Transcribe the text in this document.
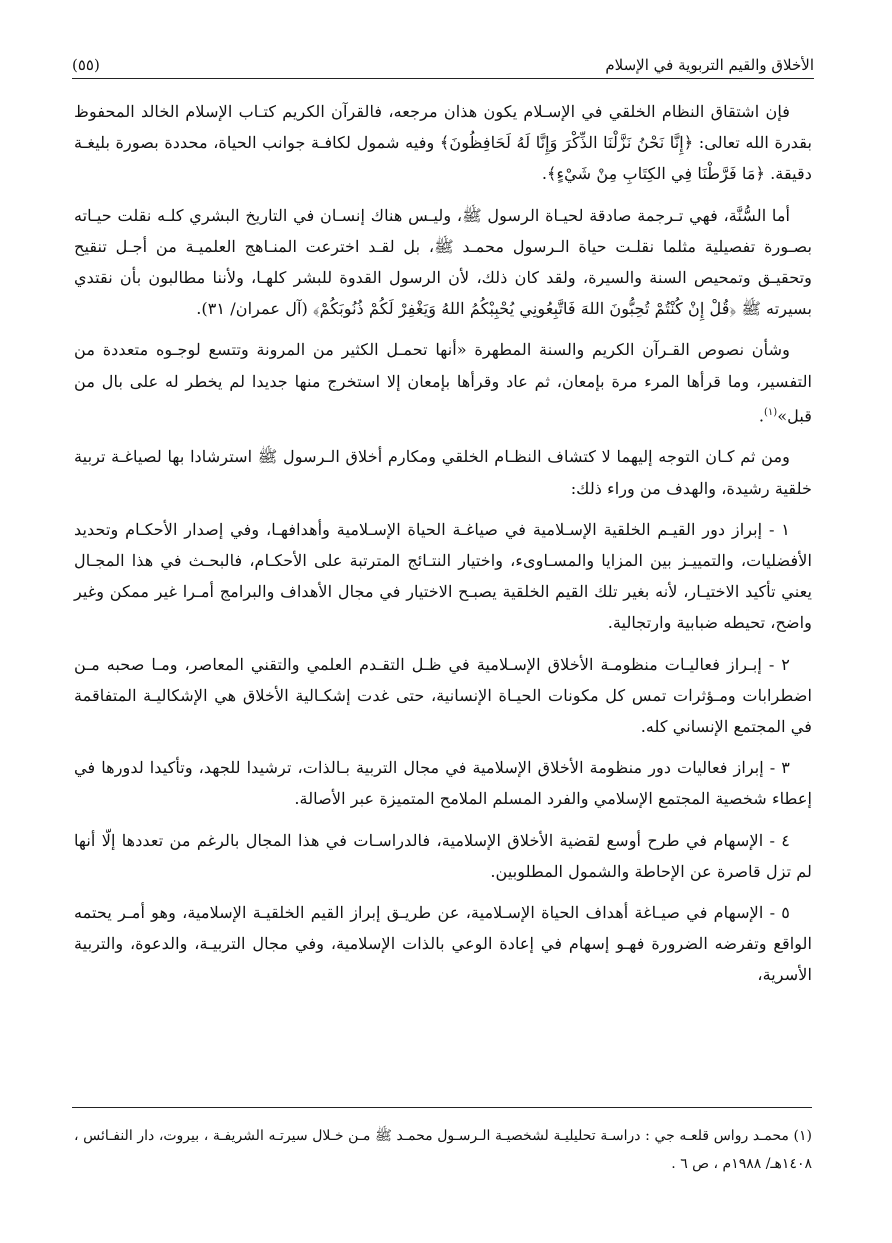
الأخلاق والقيم التربوية في الإسلام
(٥٥)

فإن اشتقاق النظام الخلقي في الإسـلام يكون هذان مرجعه، فالقرآن الكريم كتـاب الإسلام الخالد المحفوظ بقدرة الله تعالى: ﴿إِنَّا نَحْنُ نَزَّلْنَا الذِّكْرَ وَإِنَّا لَهُ لَحَافِظُونَ﴾ وفيه شمول لكافـة جوانب الحياة، محددة بصورة بليغـة دقيقة. ﴿مَا فَرَّطْنَا فِي الكِتَابِ مِنْ شَيْءٍ﴾.

أما السُّنَّة، فهي تـرجمة صادقة لحيـاة الرسول ﷺ، وليـس هناك إنسـان في التاريخ البشري كلـه نقلت حيـاته بصـورة تفصيلية مثلما نقلـت حياة الـرسول محمـد ﷺ، بل لقـد اخترعت المنـاهج العلميـة من أجـل تنقيح وتحقيـق وتمحيص السنة والسيرة، ولقد كان ذلك، لأن الرسول القدوة للبشر كلهـا، ولأننا مطالبون بأن نقتدي بسيرته ﷺ ﴿قُلْ إِنْ كُنْتُمْ تُحِبُّونَ اللهَ فَاتَّبِعُونِي يُحْبِبْكُمُ اللهُ وَيَغْفِرْ لَكُمْ ذُنُوبَكُمْ﴾ (آل عمران/ ٣١).

وشأن نصوص القـرآن الكريم والسنة المطهرة «أنها تحمـل الكثير من المرونة وتتسع لوجـوه متعددة من التفسير، وما قرأها المرء مرة بإمعان، ثم عاد وقرأها بإمعان إلا استخرج منها جديدا لم يخطر له على بال من قبل»$^{(١)}$.

ومن ثم كـان التوجه إليهما لا كتشاف النظـام الخلقي ومكارم أخلاق الـرسول ﷺ استرشادا بها لصياغـة تربية خلقية رشيدة، والهدف من وراء ذلك:

١ - إبراز دور القيـم الخلقية الإسـلامية في صياغـة الحياة الإسـلامية وأهدافهـا، وفي إصدار الأحكـام وتحديد الأفضليات، والتمييـز بين المزايا والمسـاوىء، واختيار النتـائج المترتبة على الأحكـام، فالبحـث في هذا المجـال يعني تأكيد الاختيـار، لأنه بغير تلك القيم الخلقية يصبـح الاختيار في مجال الأهداف والبرامج أمـرا غير ممكن وغير واضح، تحيطه ضبابية وارتجالية.

٢ - إبـراز فعاليـات منظومـة الأخلاق الإسـلامية في ظـل التقـدم العلمي والتقني المعاصر، ومـا صحبه مـن اضطرابات ومـؤثرات تمس كل مكونات الحيـاة الإنسانية، حتى غدت إشكـالية الأخلاق هي الإشكاليـة المتفاقمة في المجتمع الإنساني كله.

٣ - إبراز فعاليات دور منظومة الأخلاق الإسلامية في مجال التربية بـالذات، ترشيدا للجهد، وتأكيدا لدورها في إعطاء شخصية المجتمع الإسلامي والفرد المسلم الملامح المتميزة عبر الأصالة.

٤ - الإسهام في طرح أوسع لقضية الأخلاق الإسلامية، فالدراسـات في هذا المجال بالرغم من تعددها إلّا أنها لم تزل قاصرة عن الإحاطة والشمول المطلوبين.

٥ - الإسهام في صيـاغة أهداف الحياة الإسـلامية، عن طريـق إبراز القيم الخلقيـة الإسلامية، وهو أمـر يحتمه الواقع وتفرضه الضرورة فهـو إسهام في إعادة الوعي بالذات الإسلامية، وفي مجال التربيـة، والدعوة، والتربية الأسرية،

(١) محمـد رواس قلعـه جي : دراسـة تحليليـة لشخصيـة الـرسـول محمـد ﷺ مـن خـلال سيرتـه الشريفـة ، بيروت، دار النفـائس ، ١٤٠٨هـ/ ١٩٨٨م ، ص ٦ .
